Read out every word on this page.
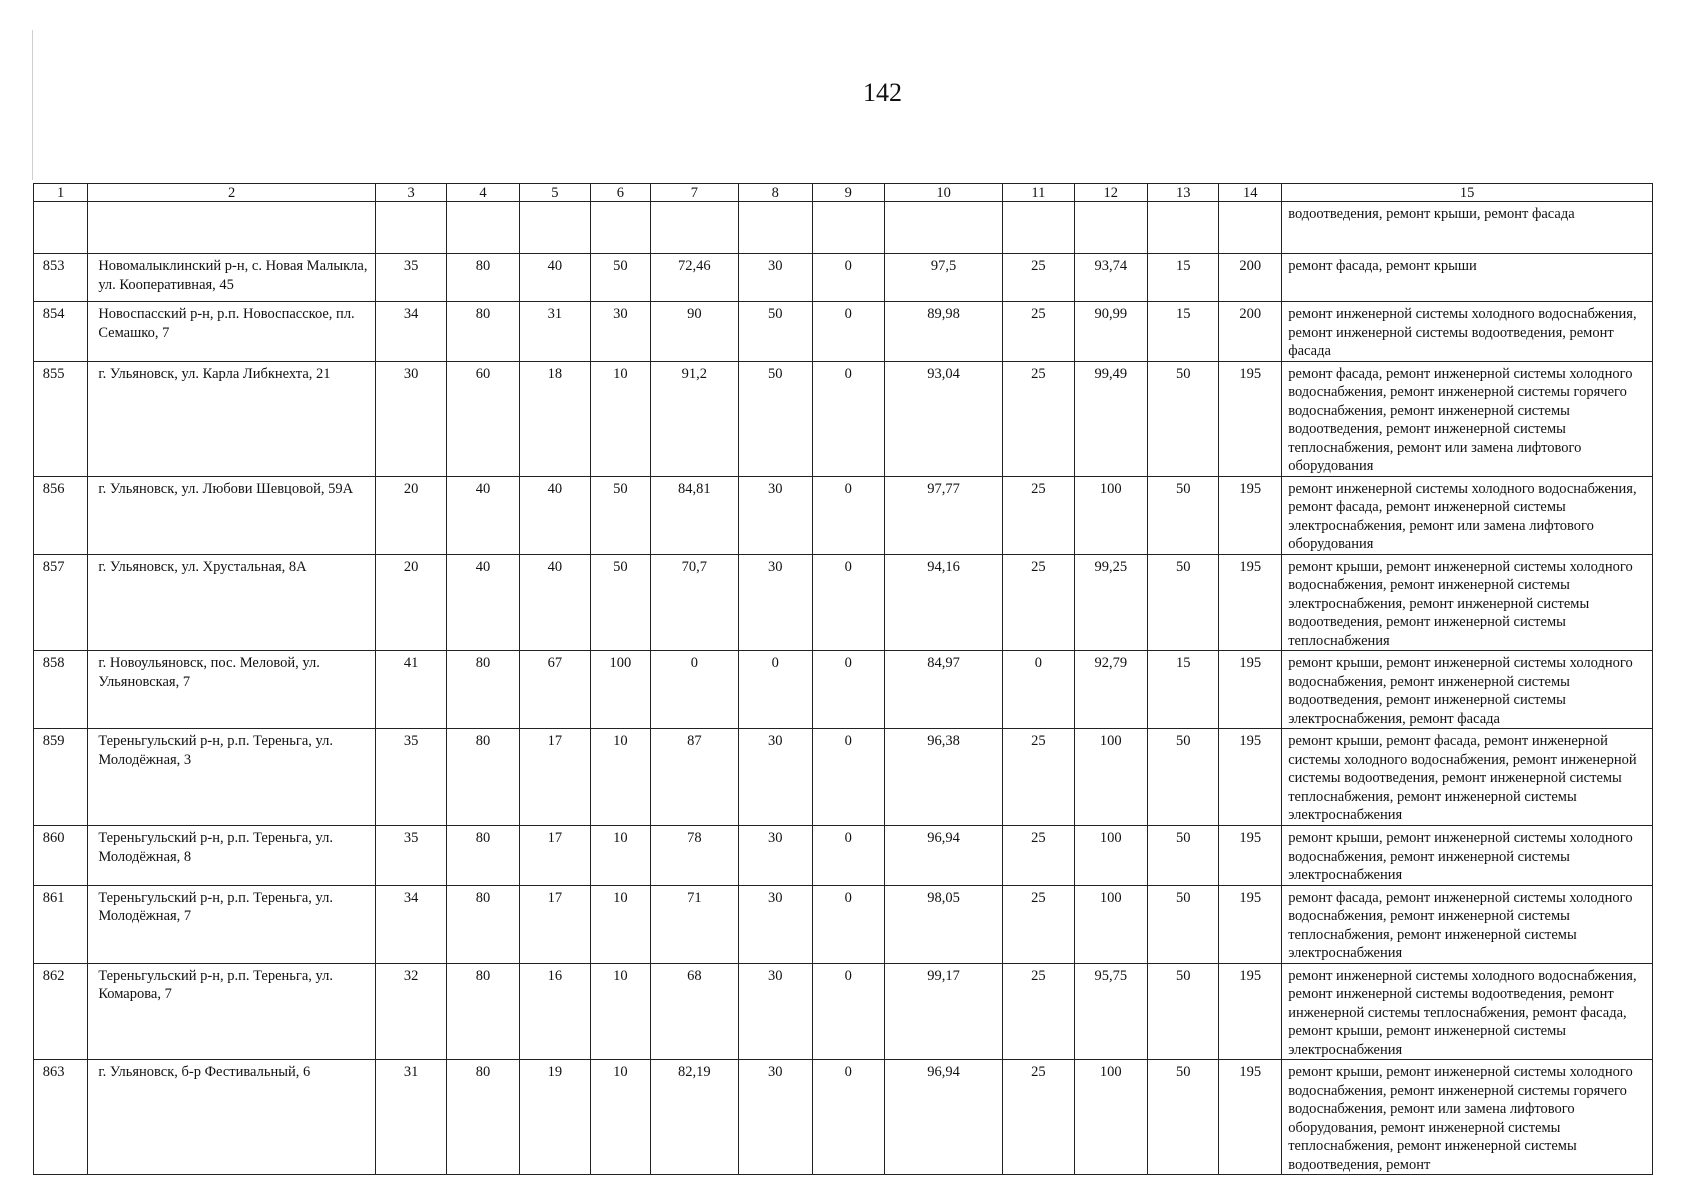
142
1	2	3	4	5	6	7	8	9	10	11	12	13	14	15
														водоотведения, ремонт крыши, ремонт фасада
853	Новомалыклинский р-н, с. Новая Малыкла, ул. Кооперативная, 45	35	80	40	50	72,46	30	0	97,5	25	93,74	15	200	ремонт фасада, ремонт крыши
854	Новоспасский р-н, р.п. Новоспасское, пл. Семашко, 7	34	80	31	30	90	50	0	89,98	25	90,99	15	200	ремонт инженерной системы холодного водоснабжения, ремонт инженерной системы водоотведения, ремонт фасада
855	г. Ульяновск, ул. Карла Либкнехта, 21	30	60	18	10	91,2	50	0	93,04	25	99,49	50	195	ремонт фасада, ремонт инженерной системы холодного водоснабжения, ремонт инженерной системы горячего водоснабжения, ремонт инженерной системы водоотведения, ремонт инженерной системы теплоснабжения, ремонт или замена лифтового оборудования
856	г. Ульяновск, ул. Любови Шевцовой, 59А	20	40	40	50	84,81	30	0	97,77	25	100	50	195	ремонт инженерной системы холодного водоснабжения, ремонт фасада, ремонт инженерной системы электроснабжения, ремонт или замена лифтового оборудования
857	г. Ульяновск, ул. Хрустальная, 8А	20	40	40	50	70,7	30	0	94,16	25	99,25	50	195	ремонт крыши, ремонт инженерной системы холодного водоснабжения, ремонт инженерной системы электроснабжения, ремонт инженерной системы водоотведения, ремонт инженерной системы теплоснабжения
858	г. Новоульяновск, пос. Меловой, ул. Ульяновская, 7	41	80	67	100	0	0	0	84,97	0	92,79	15	195	ремонт крыши, ремонт инженерной системы холодного водоснабжения, ремонт инженерной системы водоотведения, ремонт инженерной системы электроснабжения, ремонт фасада
859	Тереньгульский р-н, р.п. Тереньга, ул. Молодёжная, 3	35	80	17	10	87	30	0	96,38	25	100	50	195	ремонт крыши, ремонт фасада, ремонт инженерной системы холодного водоснабжения, ремонт инженерной системы водоотведения, ремонт инженерной системы теплоснабжения, ремонт инженерной системы электроснабжения
860	Тереньгульский р-н, р.п. Тереньга, ул. Молодёжная, 8	35	80	17	10	78	30	0	96,94	25	100	50	195	ремонт крыши, ремонт инженерной системы холодного водоснабжения, ремонт инженерной системы электроснабжения
861	Тереньгульский р-н, р.п. Тереньга, ул. Молодёжная, 7	34	80	17	10	71	30	0	98,05	25	100	50	195	ремонт фасада, ремонт инженерной системы холодного водоснабжения, ремонт инженерной системы теплоснабжения, ремонт инженерной системы электроснабжения
862	Тереньгульский р-н, р.п. Тереньга, ул. Комарова, 7	32	80	16	10	68	30	0	99,17	25	95,75	50	195	ремонт инженерной системы холодного водоснабжения, ремонт инженерной системы водоотведения, ремонт инженерной системы теплоснабжения, ремонт фасада, ремонт крыши, ремонт инженерной системы электроснабжения
863	г. Ульяновск, б-р Фестивальный, 6	31	80	19	10	82,19	30	0	96,94	25	100	50	195	ремонт крыши, ремонт инженерной системы холодного водоснабжения, ремонт инженерной системы горячего водоснабжения, ремонт или замена лифтового оборудования, ремонт инженерной системы теплоснабжения, ремонт инженерной системы водоотведения, ремонт
